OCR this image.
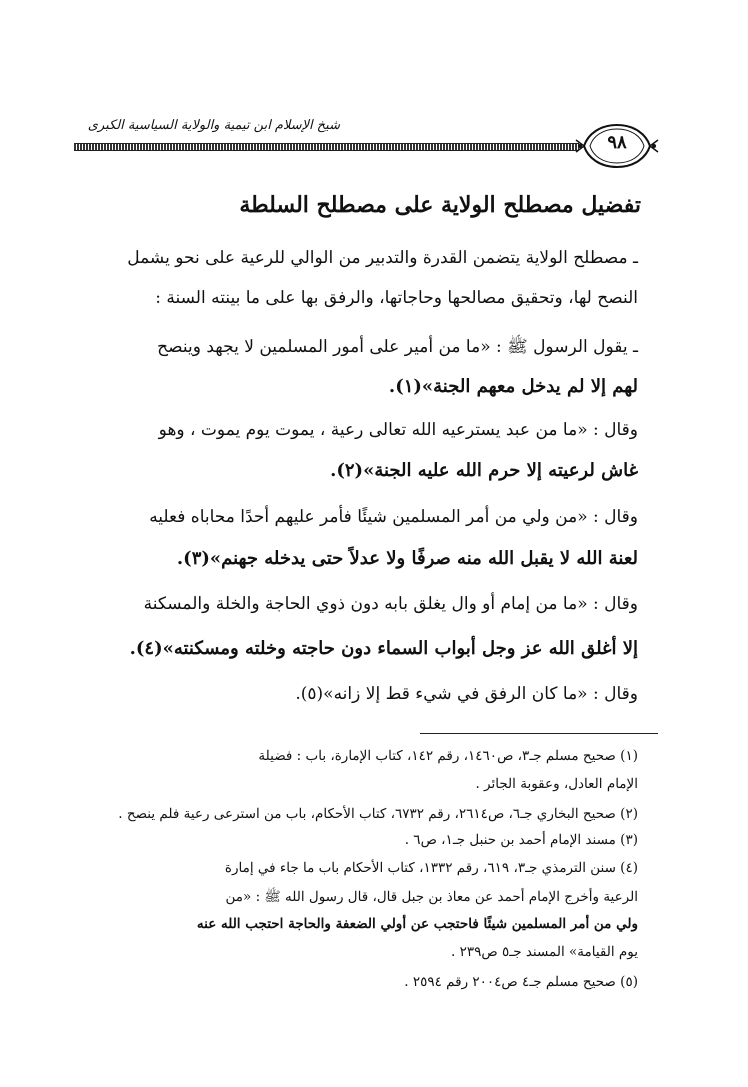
شيخ الإسلام ابن تيمية والولاية السياسية الكبرى
٩٨
تفضيل مصطلح الولاية على مصطلح السلطة
ـ مصطلح الولاية يتضمن القدرة والتدبير من الوالي للرعية على نحو يشمل
النصح لها، وتحقيق مصالحها وحاجاتها، والرفق بها على ما بينته السنة :
ـ يقول الرسول ﷺ : «ما من أمير على أمور المسلمين لا يجهد وينصح
لهم إلا لم يدخل معهم الجنة»(١).
وقال : «ما من عبد يسترعيه الله تعالى رعية ، يموت يوم يموت ، وهو
غاش لرعيته إلا حرم الله عليه الجنة»(٢).
وقال : «من ولي من أمر المسلمين شيئًا فأمر عليهم أحدًا محاباه فعليه
لعنة الله لا يقبل الله منه صرفًا ولا عدلاً حتى يدخله جهنم»(٣).
وقال : «ما من إمام أو وال يغلق بابه دون ذوي الحاجة والخلة والمسكنة
إلا أغلق الله عز وجل أبواب السماء دون حاجته وخلته ومسكنته»(٤).
وقال : «ما كان الرفق في شيء قط إلا زانه»(٥).
(١) صحيح مسلم جـ٣، ص١٤٦٠، رقم ١٤٢، كتاب الإمارة، باب : فضيلة
الإمام العادل، وعقوبة الجائر .
(٢) صحيح البخاري جـ٦، ص٢٦١٤، رقم ٦٧٣٢، كتاب الأحكام، باب من استرعى رعية فلم ينصح .
(٣) مسند الإمام أحمد بن حنبل جـ١، ص٦ .
(٤) سنن الترمذي جـ٣، ٦١٩، رقم ١٣٣٢، كتاب الأحكام باب ما جاء في إمارة
الرعية وأخرج الإمام أحمد عن معاذ بن جبل قال، قال رسول الله ﷺ : «من
ولي من أمر المسلمين شيئًا فاحتجب عن أولي الضعفة والحاجة احتجب الله عنه
يوم القيامة» المسند جـ٥ ص٢٣٩ .
(٥) صحيح مسلم جـ٤ ص٢٠٠٤ رقم ٢٥٩٤ .
